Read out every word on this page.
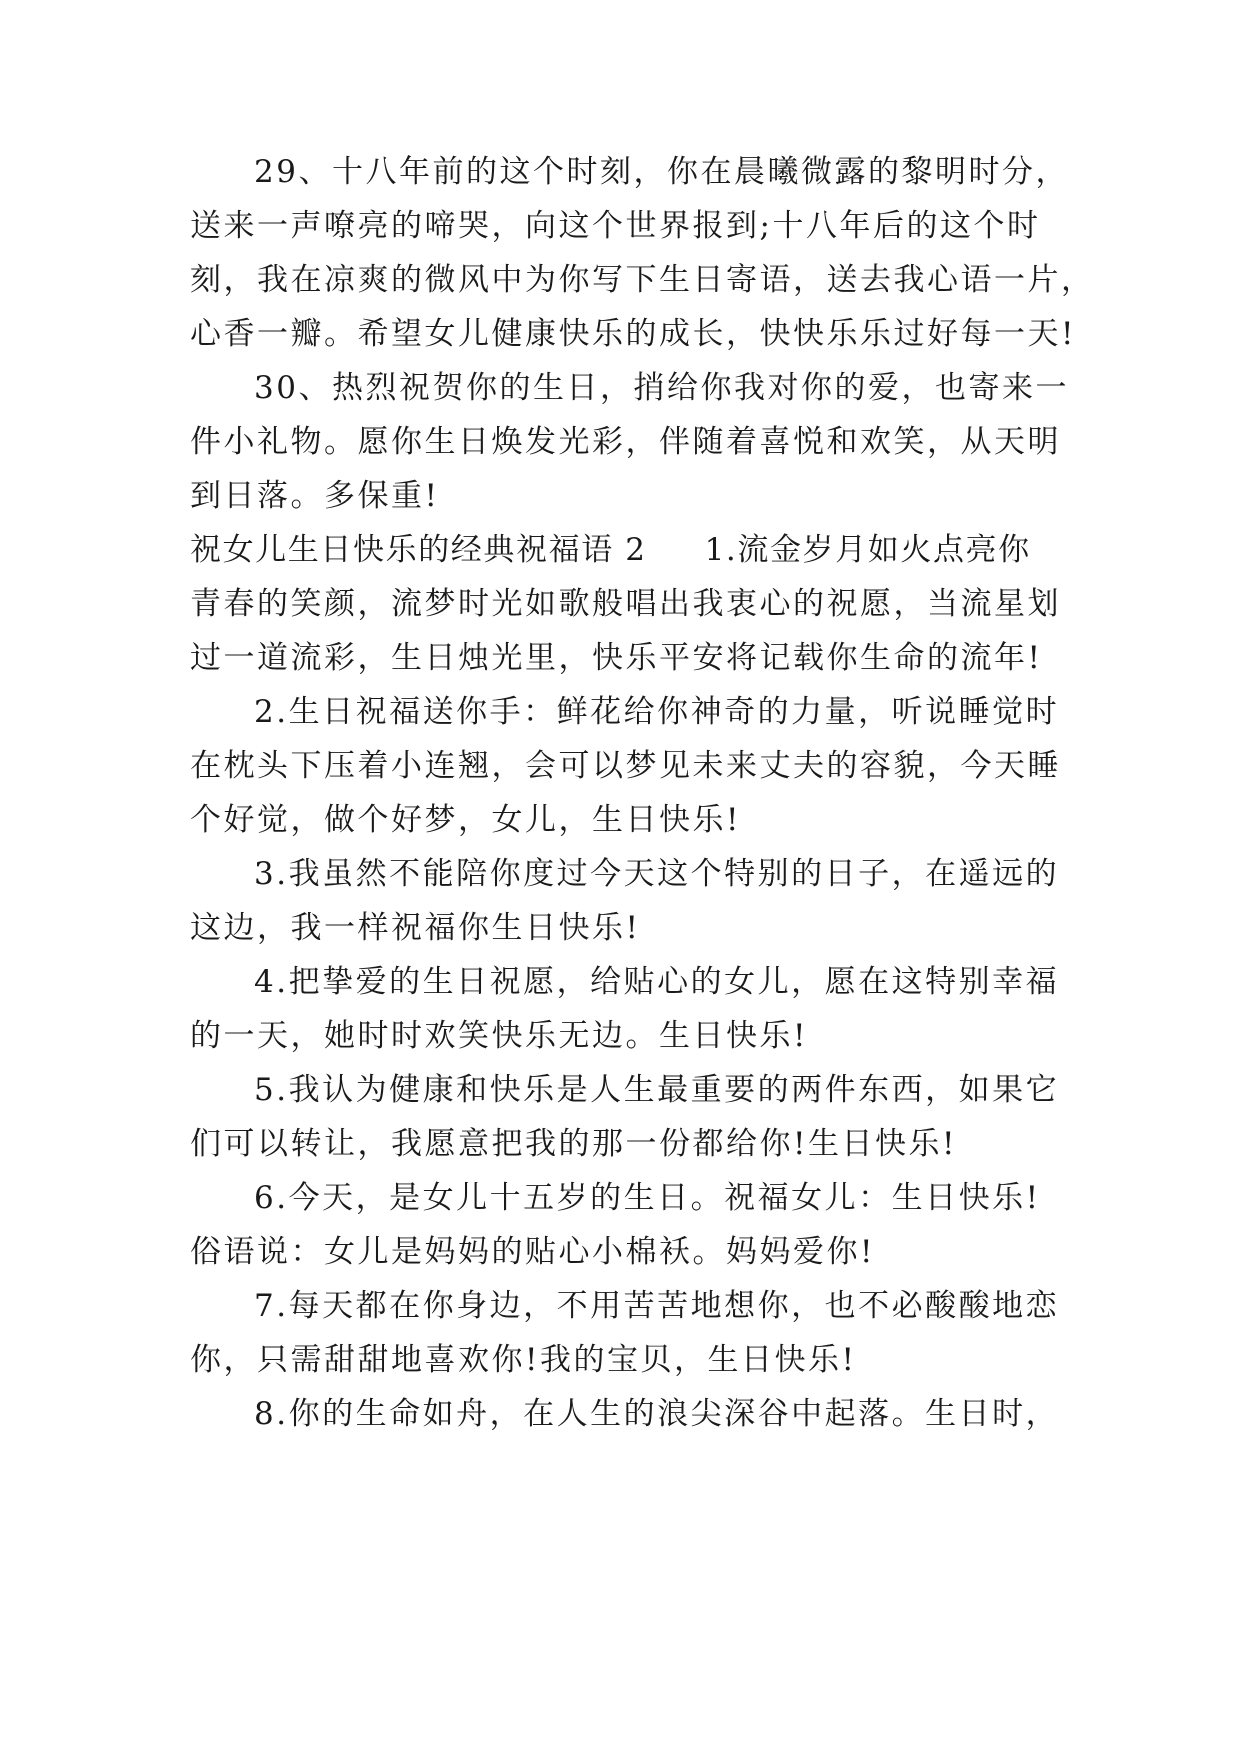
29、十八年前的这个时刻，你在晨曦微露的黎明时分，
送来一声嘹亮的啼哭，向这个世界报到;十八年后的这个时
刻，我在凉爽的微风中为你写下生日寄语，送去我心语一片，
心香一瓣。希望女儿健康快乐的成长，快快乐乐过好每一天!
30、热烈祝贺你的生日，捎给你我对你的爱，也寄来一
件小礼物。愿你生日焕发光彩，伴随着喜悦和欢笑，从天明
到日落。多保重!
祝女儿生日快乐的经典祝福语 2 1.流金岁月如火点亮你
青春的笑颜，流梦时光如歌般唱出我衷心的祝愿，当流星划
过一道流彩，生日烛光里，快乐平安将记载你生命的流年!
2.生日祝福送你手：鲜花给你神奇的力量，听说睡觉时
在枕头下压着小连翘，会可以梦见未来丈夫的容貌，今天睡
个好觉，做个好梦，女儿，生日快乐!
3.我虽然不能陪你度过今天这个特别的日子，在遥远的
这边，我一样祝福你生日快乐!
4.把挚爱的生日祝愿，给贴心的女儿，愿在这特别幸福
的一天，她时时欢笑快乐无边。生日快乐!
5.我认为健康和快乐是人生最重要的两件东西，如果它
们可以转让，我愿意把我的那一份都给你!生日快乐!
6.今天，是女儿十五岁的生日。祝福女儿：生日快乐!
俗语说：女儿是妈妈的贴心小棉袄。妈妈爱你!
7.每天都在你身边，不用苦苦地想你，也不必酸酸地恋
你，只需甜甜地喜欢你!我的宝贝，生日快乐!
8.你的生命如舟，在人生的浪尖深谷中起落。生日时，
